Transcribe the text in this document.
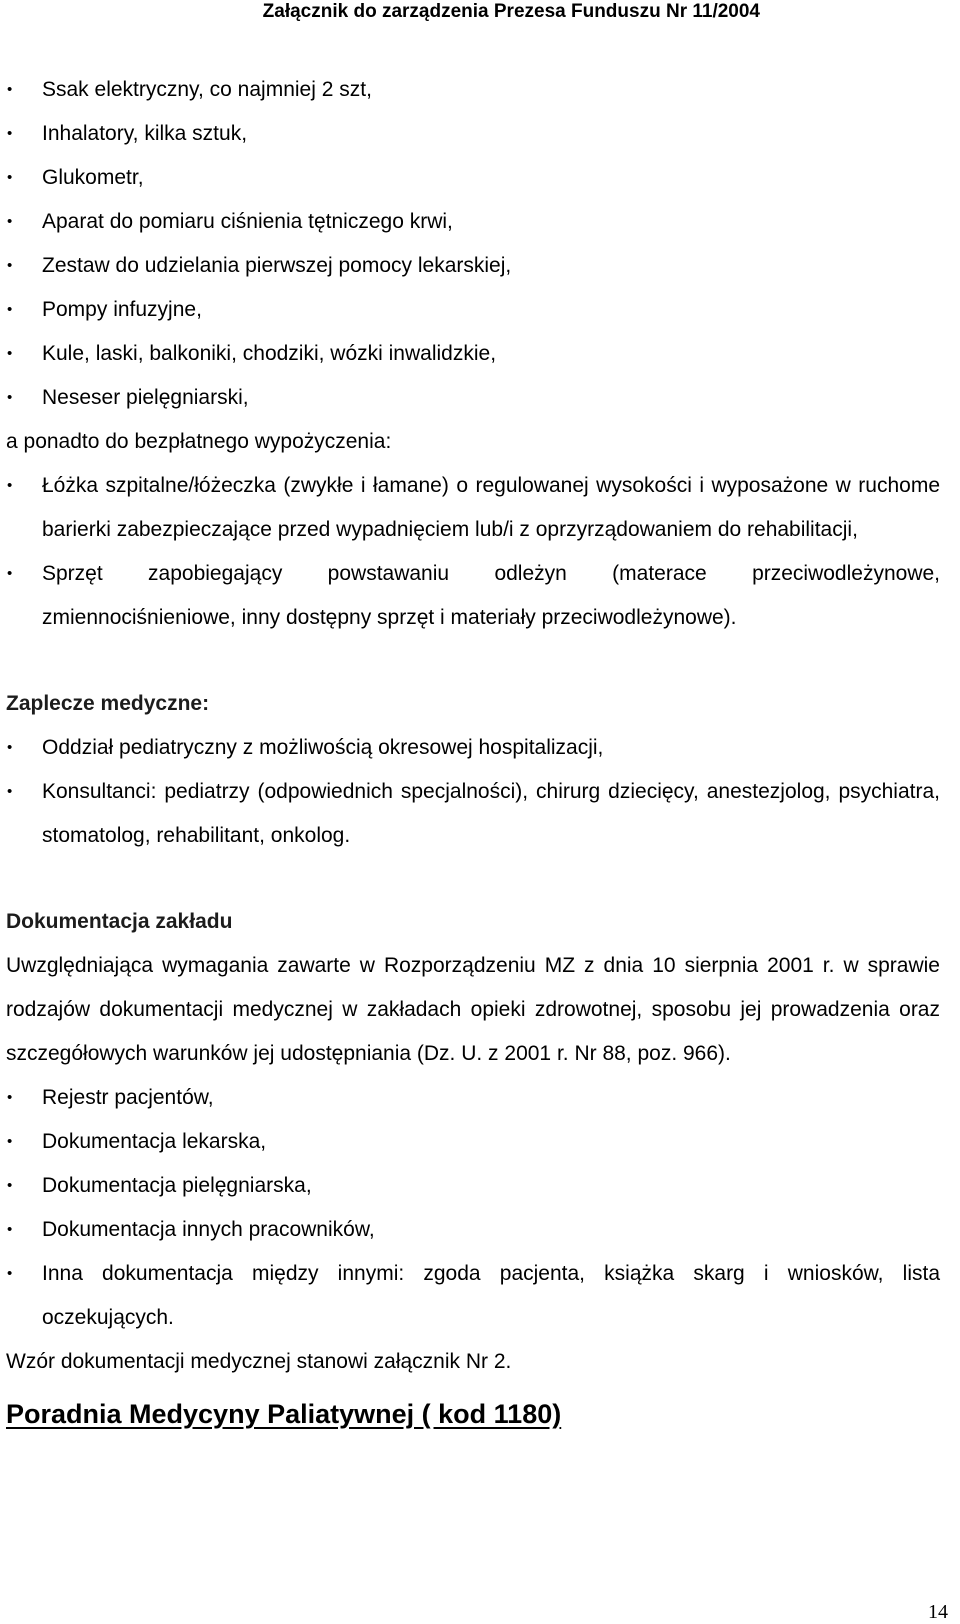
Załącznik do zarządzenia Prezesa Funduszu Nr 11/2004
• Ssak elektryczny, co najmniej 2 szt,
• Inhalatory, kilka sztuk,
• Glukometr,
• Aparat do pomiaru ciśnienia tętniczego krwi,
• Zestaw do udzielania pierwszej pomocy lekarskiej,
• Pompy infuzyjne,
• Kule, laski, balkoniki, chodziki, wózki inwalidzkie,
• Neseser pielęgniarski,
a ponadto do bezpłatnego wypożyczenia:
• Łóżka szpitalne/łóżeczka (zwykłe i łamane) o regulowanej wysokości i wyposażone w ruchome barierki zabezpieczające przed wypadnięciem lub/i z oprzyrządowaniem do rehabilitacji,
• Sprzęt zapobiegający powstawaniu odleżyn (materace przeciwodleżynowe, zmiennociśnieniowe, inny dostępny sprzęt i materiały przeciwodleżynowe).
Zaplecze medyczne:
• Oddział pediatryczny z możliwością okresowej hospitalizacji,
• Konsultanci: pediatrzy (odpowiednich specjalności), chirurg dziecięcy, anestezjolog, psychiatra, stomatolog, rehabilitant, onkolog.
Dokumentacja zakładu
Uwzględniająca wymagania zawarte w Rozporządzeniu MZ z dnia 10 sierpnia 2001 r. w sprawie rodzajów dokumentacji medycznej w zakładach opieki zdrowotnej, sposobu jej prowadzenia oraz szczegółowych warunków jej udostępniania (Dz. U. z 2001 r. Nr 88, poz. 966).
• Rejestr pacjentów,
• Dokumentacja lekarska,
• Dokumentacja pielęgniarska,
• Dokumentacja innych pracowników,
• Inna dokumentacja między innymi: zgoda pacjenta, książka skarg i wniosków, lista oczekujących.
Wzór dokumentacji medycznej stanowi załącznik Nr 2.
Poradnia Medycyny Paliatywnej ( kod 1180)
14
